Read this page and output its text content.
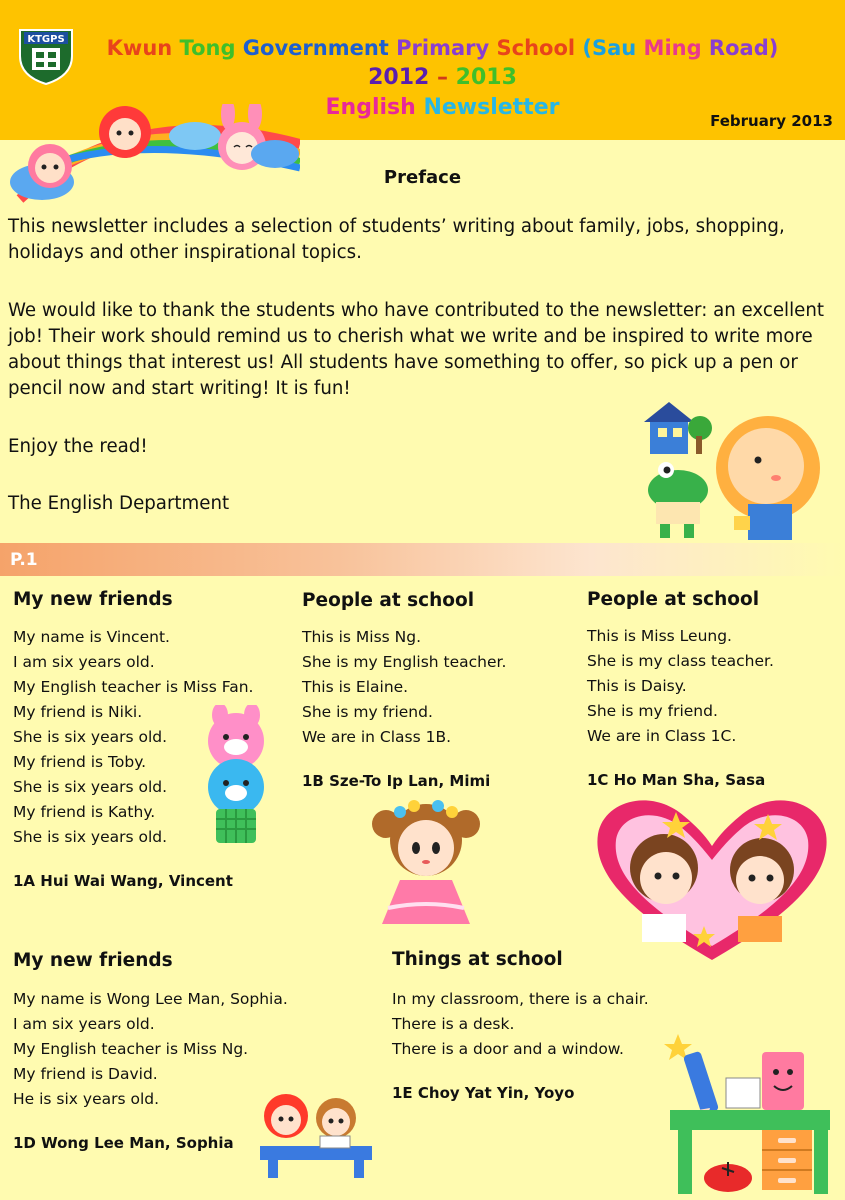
KTGPS	Kwun Tong Government Primary School (Sau Ming Road)
2012 – 2013
English Newsletter
February 2013
Preface
This newsletter includes a selection of students’ writing about family, jobs, shopping, holidays and other inspirational topics.
We would like to thank the students who have contributed to the newsletter: an excellent job! Their work should remind us to cherish what we write and be inspired to write more about things that interest us! All students have something to offer, so pick up a pen or pencil now and start writing! It is fun!
Enjoy the read!
The English Department
P.1
My new friends
My name is Vincent.
I am six years old.
My English teacher is Miss Fan.
My friend is Niki.
She is six years old.
My friend is Toby.
She is six years old.
My friend is Kathy.
She is six years old.
1A Hui Wai Wang, Vincent
People at school
This is Miss Ng.
She is my English teacher.
This is Elaine.
She is my friend.
We are in Class 1B.
1B Sze-To Ip Lan, Mimi
People at school
This is Miss Leung.
She is my class teacher.
This is Daisy.
She is my friend.
We are in Class 1C.
1C Ho Man Sha, Sasa
My new friends
My name is Wong Lee Man, Sophia.
I am six years old.
My English teacher is Miss Ng.
My friend is David.
He is six years old.
1D Wong Lee Man, Sophia
Things at school
In my classroom, there is a chair.
There is a desk.
There is a door and a window.
1E Choy Yat Yin, Yoyo
